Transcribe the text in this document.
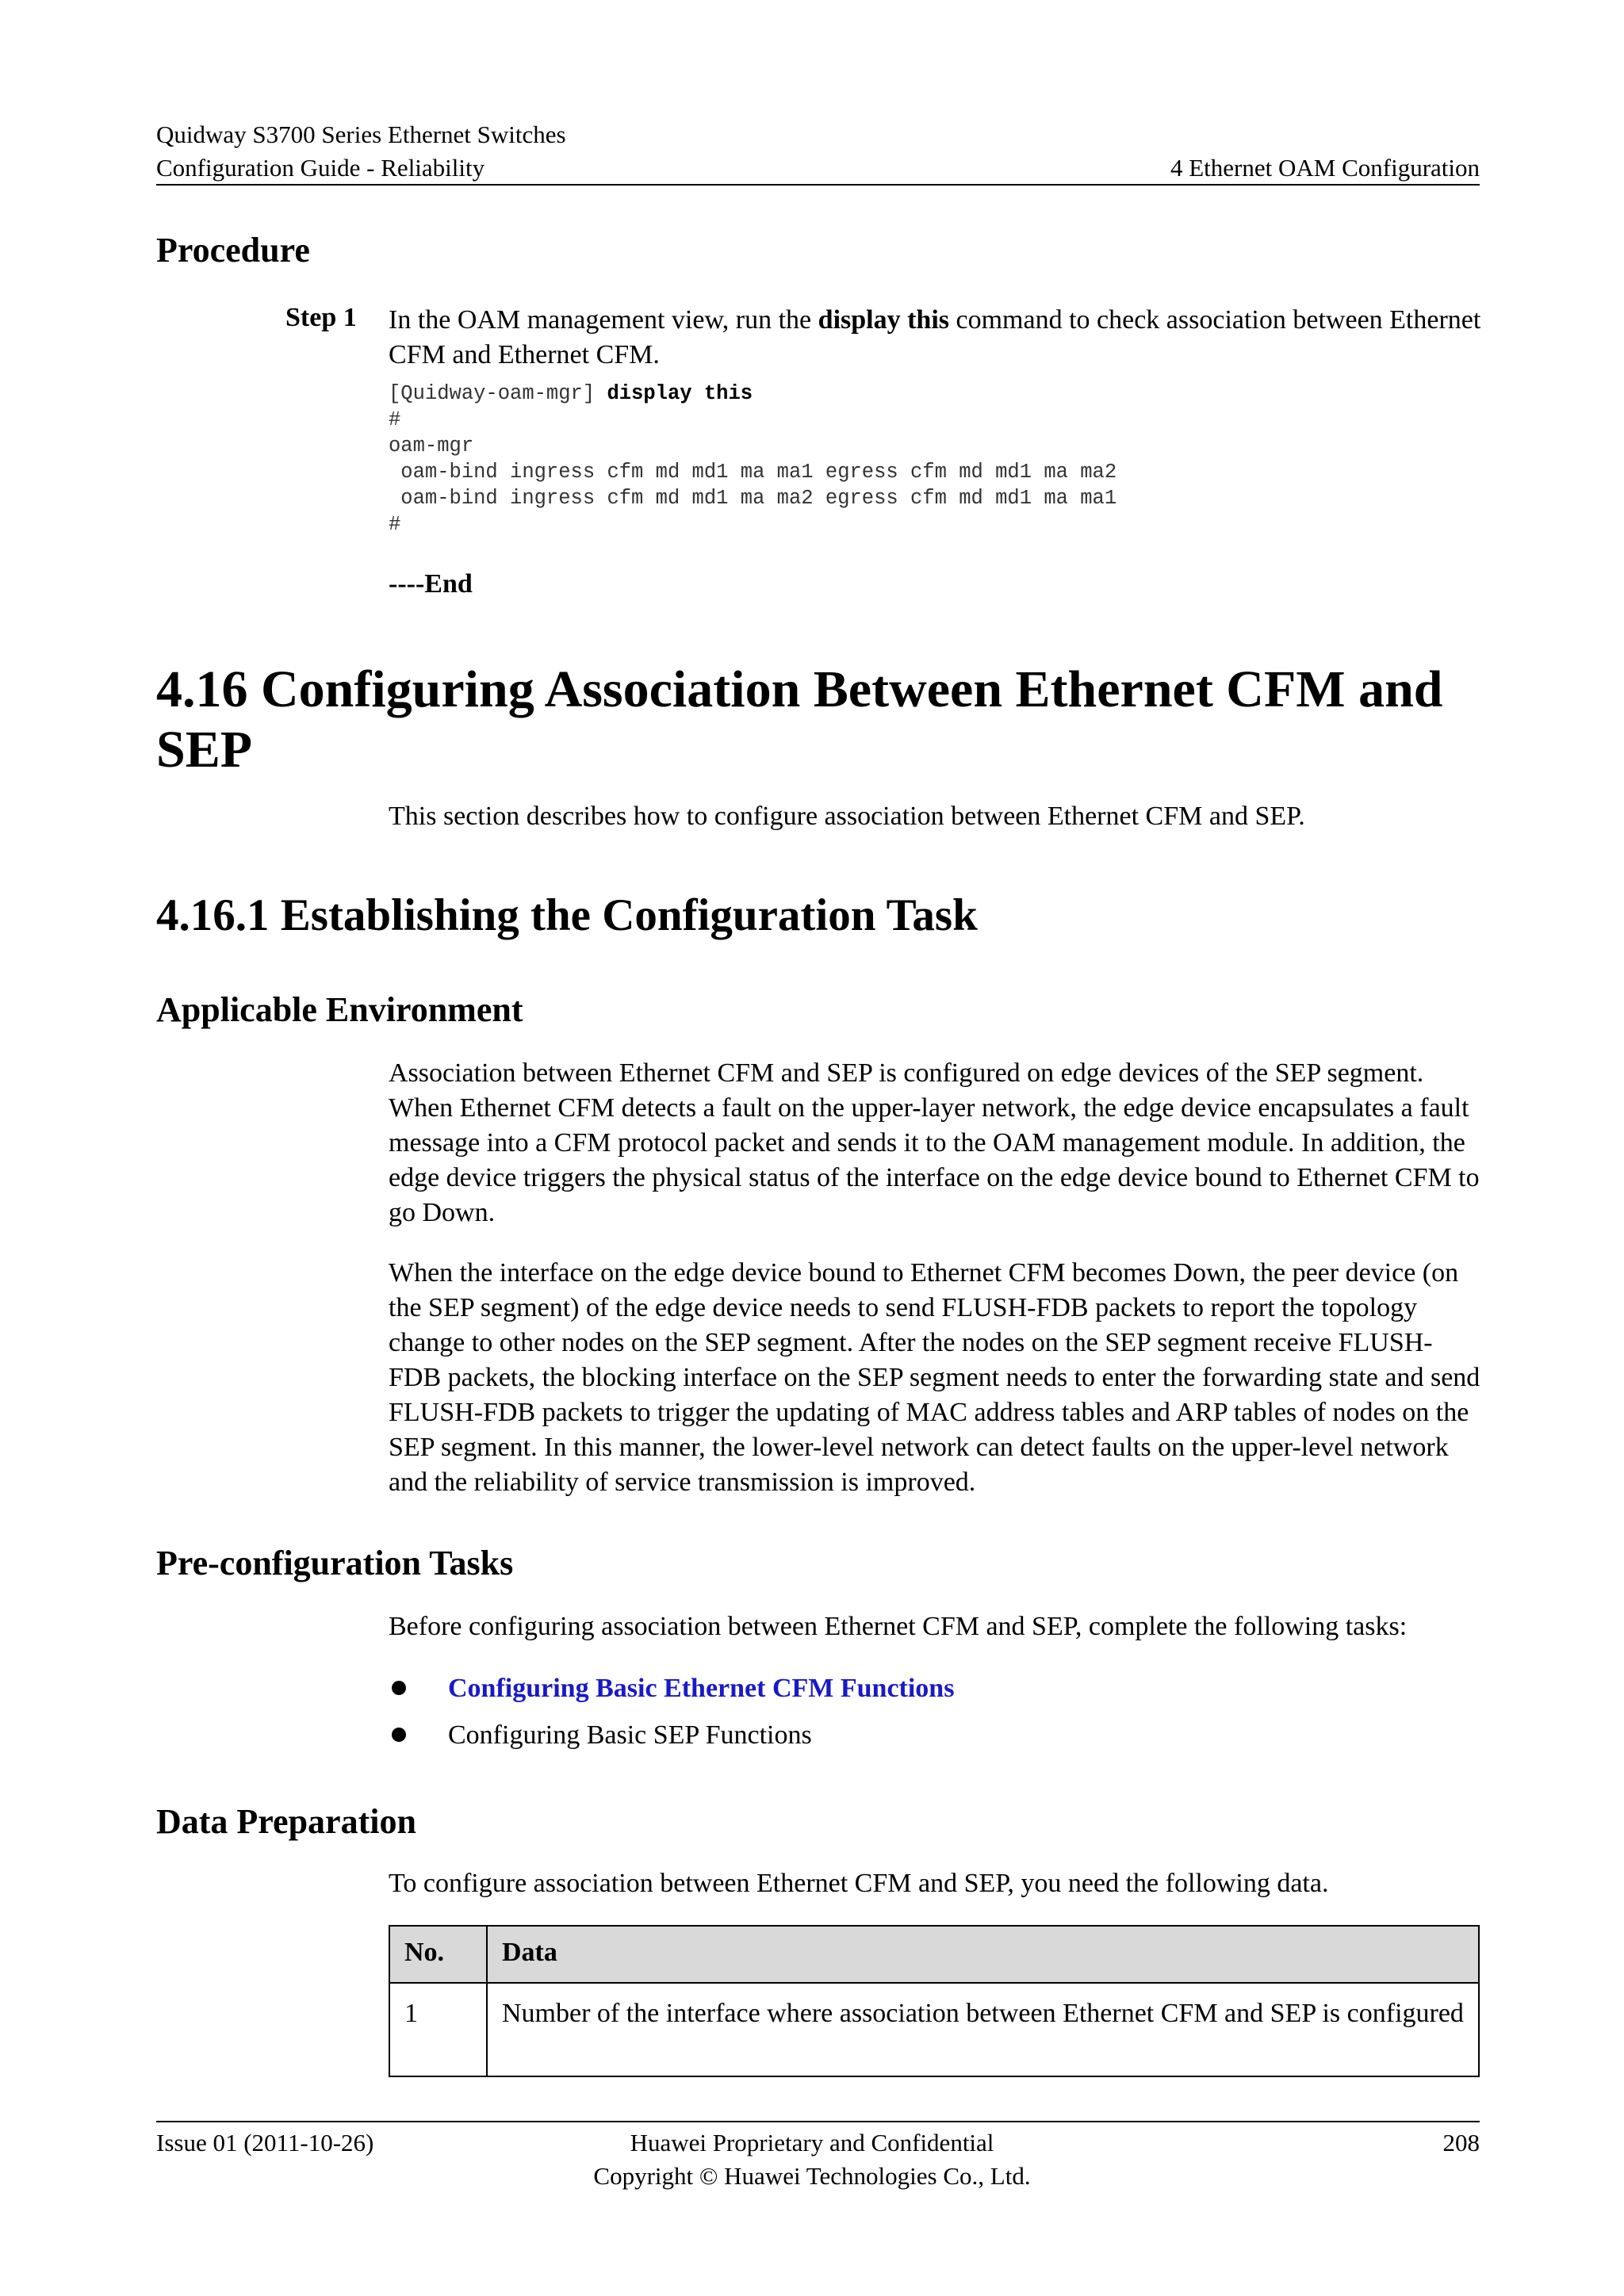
Quidway S3700 Series Ethernet Switches
Configuration Guide - Reliability	4 Ethernet OAM Configuration
Procedure
Step 1 In the OAM management view, run the display this command to check association between Ethernet CFM and Ethernet CFM.
[Quidway-oam-mgr] display this
#
oam-mgr
oam-bind ingress cfm md md1 ma ma1 egress cfm md md1 ma ma2
oam-bind ingress cfm md md1 ma ma2 egress cfm md md1 ma ma1
#
----End
4.16 Configuring Association Between Ethernet CFM and SEP
This section describes how to configure association between Ethernet CFM and SEP.
4.16.1 Establishing the Configuration Task
Applicable Environment
Association between Ethernet CFM and SEP is configured on edge devices of the SEP segment. When Ethernet CFM detects a fault on the upper-layer network, the edge device encapsulates a fault message into a CFM protocol packet and sends it to the OAM management module. In addition, the edge device triggers the physical status of the interface on the edge device bound to Ethernet CFM to go Down.
When the interface on the edge device bound to Ethernet CFM becomes Down, the peer device (on the SEP segment) of the edge device needs to send FLUSH-FDB packets to report the topology change to other nodes on the SEP segment. After the nodes on the SEP segment receive FLUSH-FDB packets, the blocking interface on the SEP segment needs to enter the forwarding state and send FLUSH-FDB packets to trigger the updating of MAC address tables and ARP tables of nodes on the SEP segment. In this manner, the lower-level network can detect faults on the upper-level network and the reliability of service transmission is improved.
Pre-configuration Tasks
Before configuring association between Ethernet CFM and SEP, complete the following tasks:
Configuring Basic Ethernet CFM Functions
Configuring Basic SEP Functions
Data Preparation
To configure association between Ethernet CFM and SEP, you need the following data.
No.	Data
1	Number of the interface where association between Ethernet CFM and SEP is configured
Issue 01 (2011-10-26)	Huawei Proprietary and Confidential
Copyright © Huawei Technologies Co., Ltd.
208
